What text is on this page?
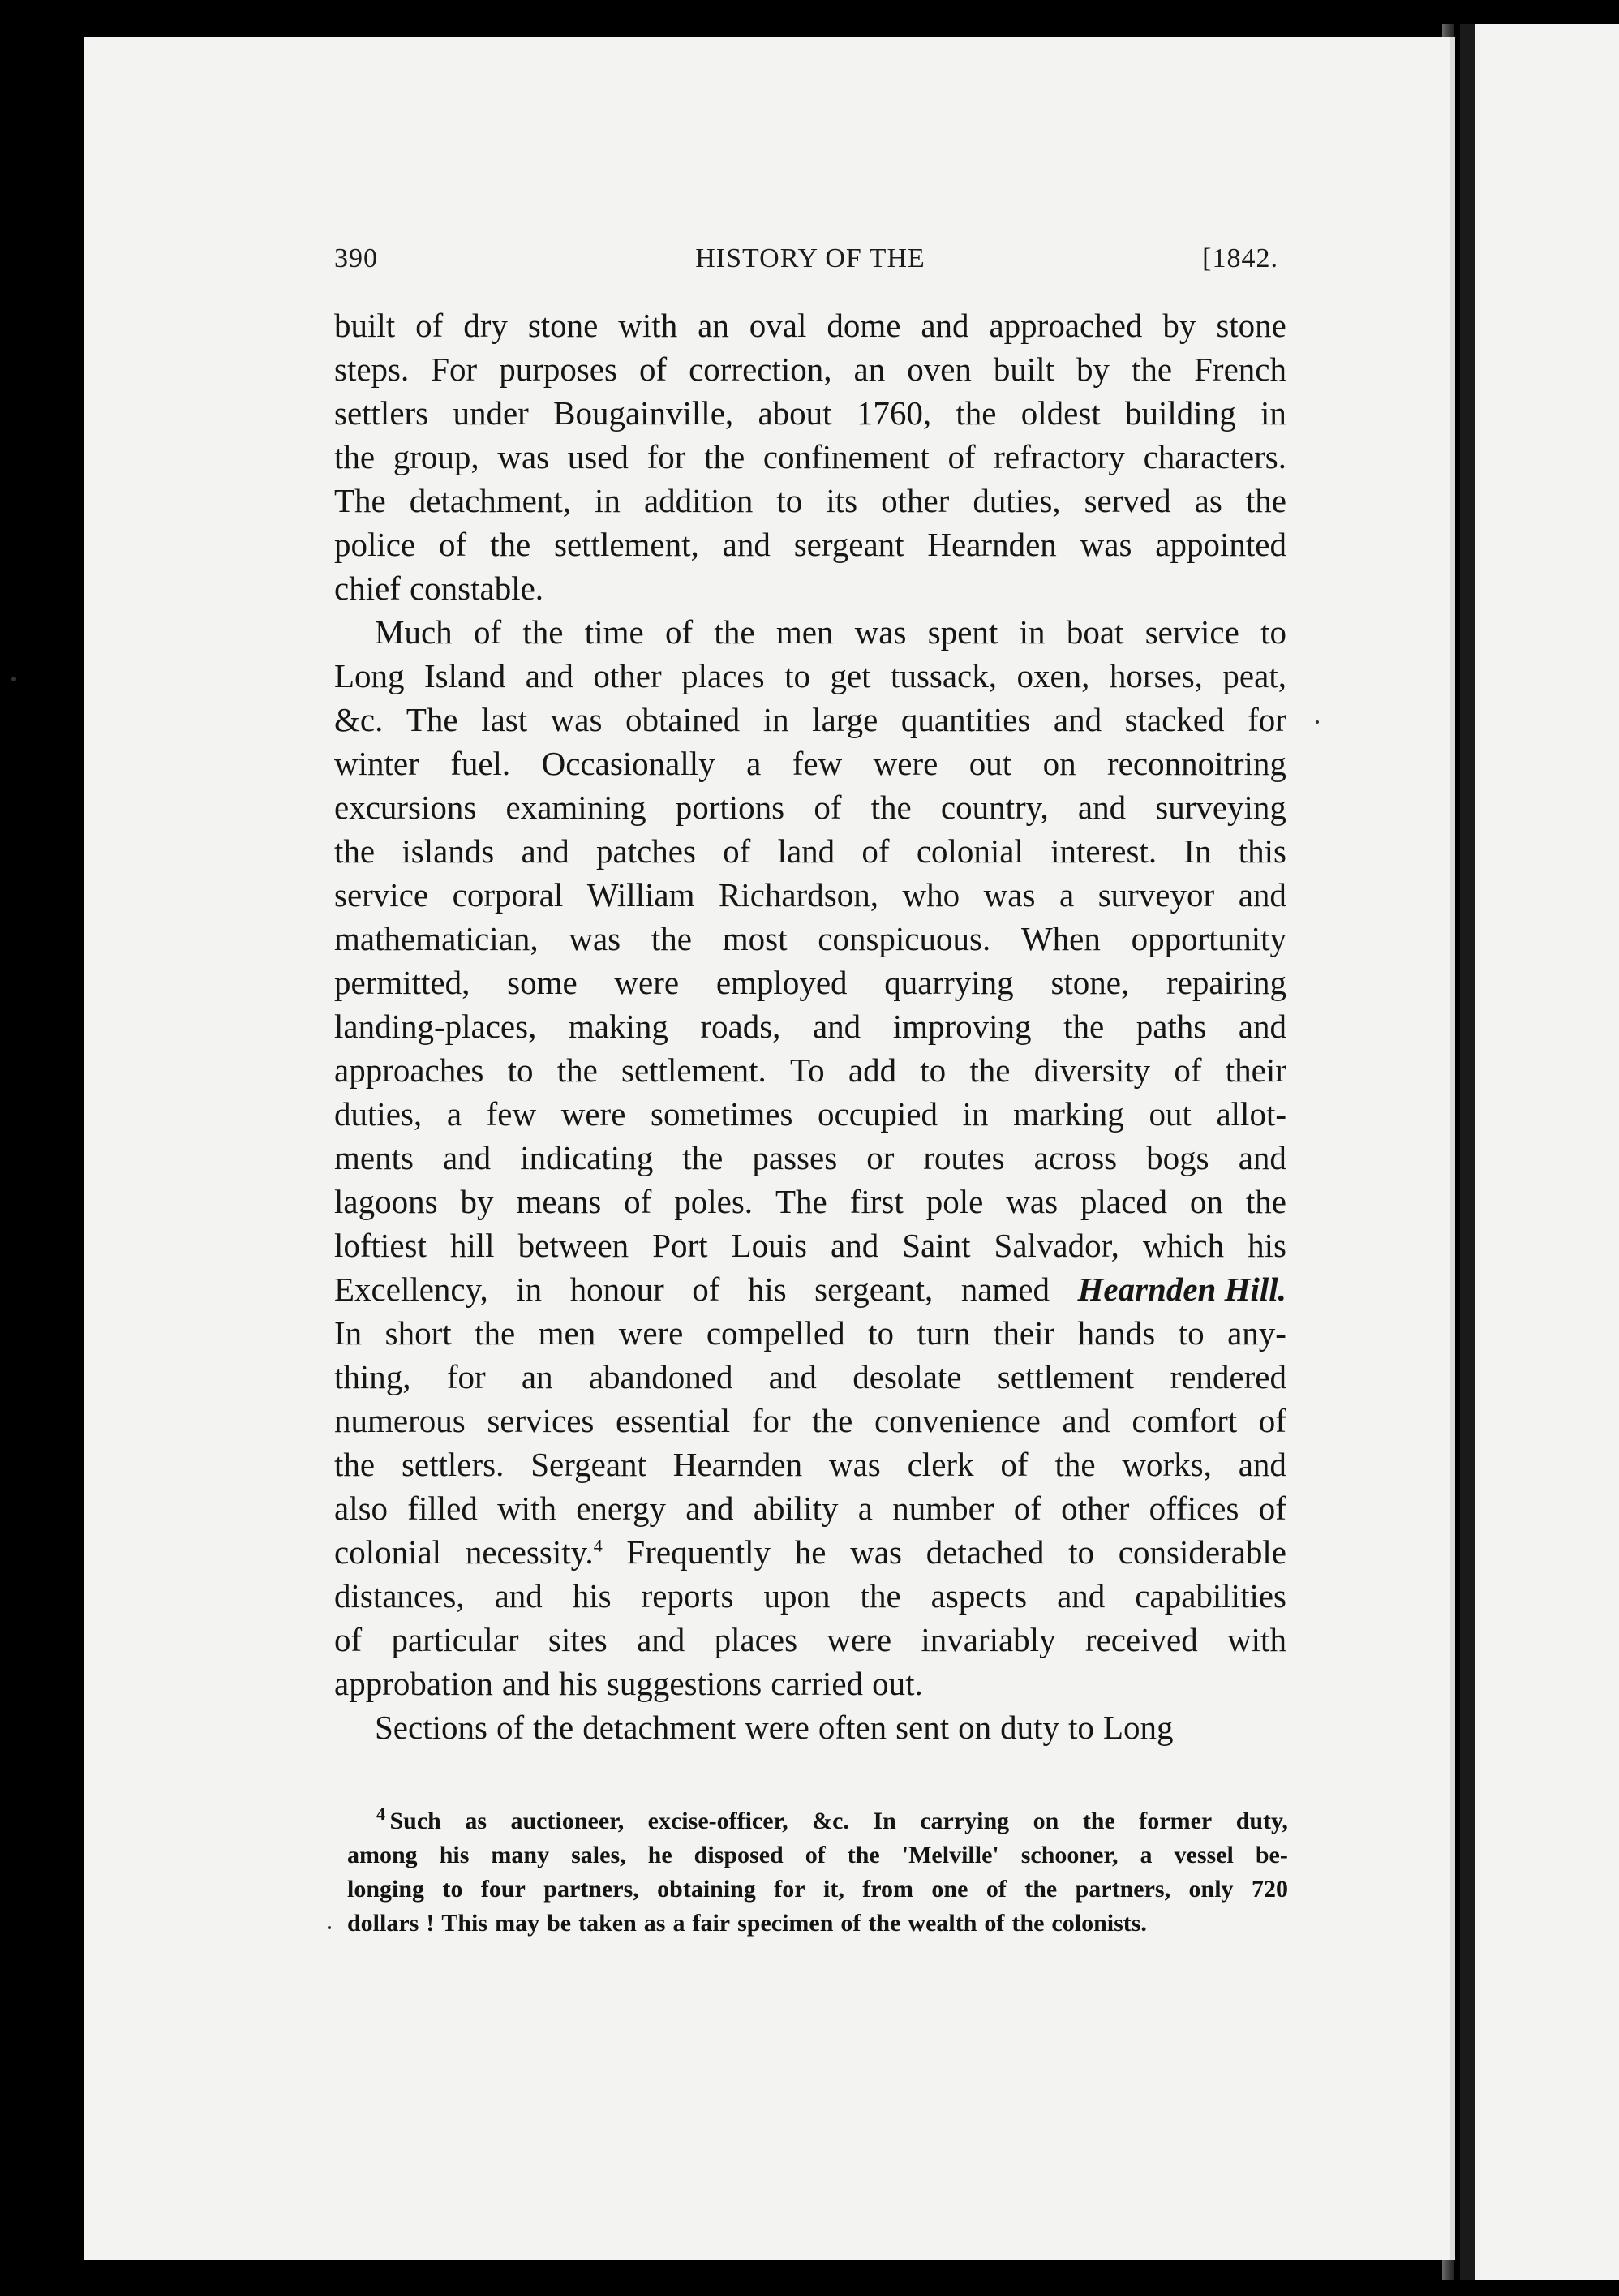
390	HISTORY OF THE	[1842.
built of dry stone with an oval dome and approached by stone
steps. For purposes of correction, an oven built by the French
settlers under Bougainville, about 1760, the oldest building in
the group, was used for the confinement of refractory characters.
The detachment, in addition to its other duties, served as the
police of the settlement, and sergeant Hearnden was appointed
chief constable.
Much of the time of the men was spent in boat service to
Long Island and other places to get tussack, oxen, horses, peat,
&c. The last was obtained in large quantities and stacked for
winter fuel. Occasionally a few were out on reconnoitring
excursions examining portions of the country, and surveying
the islands and patches of land of colonial interest. In this
service corporal William Richardson, who was a surveyor and
mathematician, was the most conspicuous. When opportunity
permitted, some were employed quarrying stone, repairing
landing-places, making roads, and improving the paths and
approaches to the settlement. To add to the diversity of their
duties, a few were sometimes occupied in marking out allot-
ments and indicating the passes or routes across bogs and
lagoons by means of poles. The first pole was placed on the
loftiest hill between Port Louis and Saint Salvador, which his
Excellency, in honour of his sergeant, named Hearnden Hill.
In short the men were compelled to turn their hands to any-
thing, for an abandoned and desolate settlement rendered
numerous services essential for the convenience and comfort of
the settlers. Sergeant Hearnden was clerk of the works, and
also filled with energy and ability a number of other offices of
colonial necessity.$^4$ Frequently he was detached to considerable
distances, and his reports upon the aspects and capabilities
of particular sites and places were invariably received with
approbation and his suggestions carried out.
Sections of the detachment were often sent on duty to Long
$^4$ Such as auctioneer, excise-officer, &c. In carrying on the former duty,
among his many sales, he disposed of the 'Melville' schooner, a vessel be-
longing to four partners, obtaining for it, from one of the partners, only 720
dollars ! This may be taken as a fair specimen of the wealth of the colonists.
